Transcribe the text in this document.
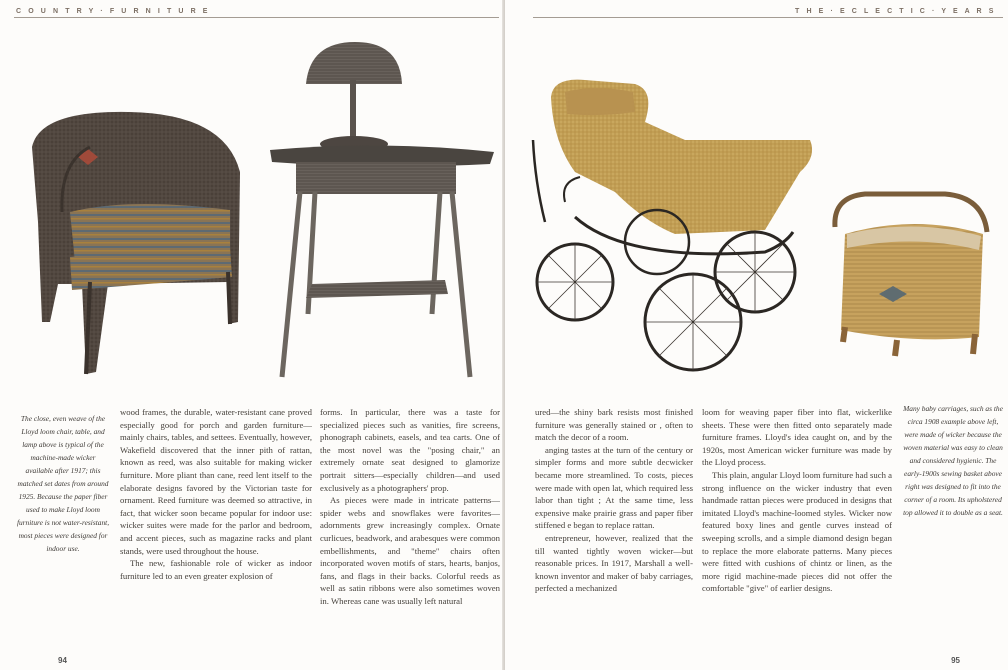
C O U N T R Y · F U R N I T U R E
The close, even weave of the Lloyd loom chair, table, and lamp above is typical of the machine-made wicker available after 1917; this matched set dates from around 1925. Because the paper fiber used to make Lloyd loom furniture is not water-resistant, most pieces were designed for indoor use.

wood frames, the durable, water-resistant cane proved especially good for porch and garden furniture—mainly chairs, tables, and settees. Eventually, however, Wakefield discovered that the inner pith of rattan, known as reed, was also suitable for making wicker furniture. More pliant than cane, reed lent itself to the elaborate designs favored by the Victorian taste for ornament. Reed furniture was deemed so attractive, in fact, that wicker soon became popular for indoor use: wicker suites were made for the parlor and bedroom, and accent pieces, such as magazine racks and plant stands, were used throughout the house.

The new, fashionable role of wicker as indoor furniture led to an even greater explosion of

forms. In particular, there was a taste for specialized pieces such as vanities, fire screens, phonograph cabinets, easels, and tea carts. One of the most novel was the "posing chair," an extremely ornate seat designed to glamorize portrait sitters—especially children—and used exclusively as a photographers' prop.

As pieces were made in intricate patterns—spider webs and snowflakes were favorites—adornments grew increasingly complex. Ornate curlicues, beadwork, and arabesques were common embellishments, and "theme" chairs often incorporated woven motifs of stars, hearts, banjos, fans, and flags in their backs. Colorful reeds as well as satin ribbons were also sometimes woven in. Whereas cane was usually left natural

94
T H E · E C L E C T I C · Y E A R S

ured—the shiny bark resists most finished furniture was generally stained or , often to match the decor of a room.

anging tastes at the turn of the century or simpler forms and more subtle decwicker became more streamlined. To costs, pieces were made with open lat, which required less labor than tight ; At the same time, less expensive make prairie grass and paper fiber stiffened e began to replace rattan.

entrepreneur, however, realized that the till wanted tightly woven wicker—but reasonable prices. In 1917, Marshall a well-known inventor and maker of baby carriages, perfected a mechanized

loom for weaving paper fiber into flat, wickerlike sheets. These were then fitted onto separately made furniture frames. Lloyd's idea caught on, and by the 1920s, most American wicker furniture was made by the Lloyd process.

This plain, angular Lloyd loom furniture had such a strong influence on the wicker industry that even handmade rattan pieces were produced in designs that imitated Lloyd's machine-loomed styles. Wicker now featured boxy lines and gentle curves instead of sweeping scrolls, and a simple diamond design began to replace the more elaborate patterns. Many pieces were fitted with cushions of chintz or linen, as the more rigid machine-made pieces did not offer the comfortable "give" of earlier designs.

Many baby carriages, such as the circa 1908 example above left, were made of wicker because the woven material was easy to clean and considered hygienic. The early-1900s sewing basket above right was designed to fit into the corner of a room. Its upholstered top allowed it to double as a seat.
95
